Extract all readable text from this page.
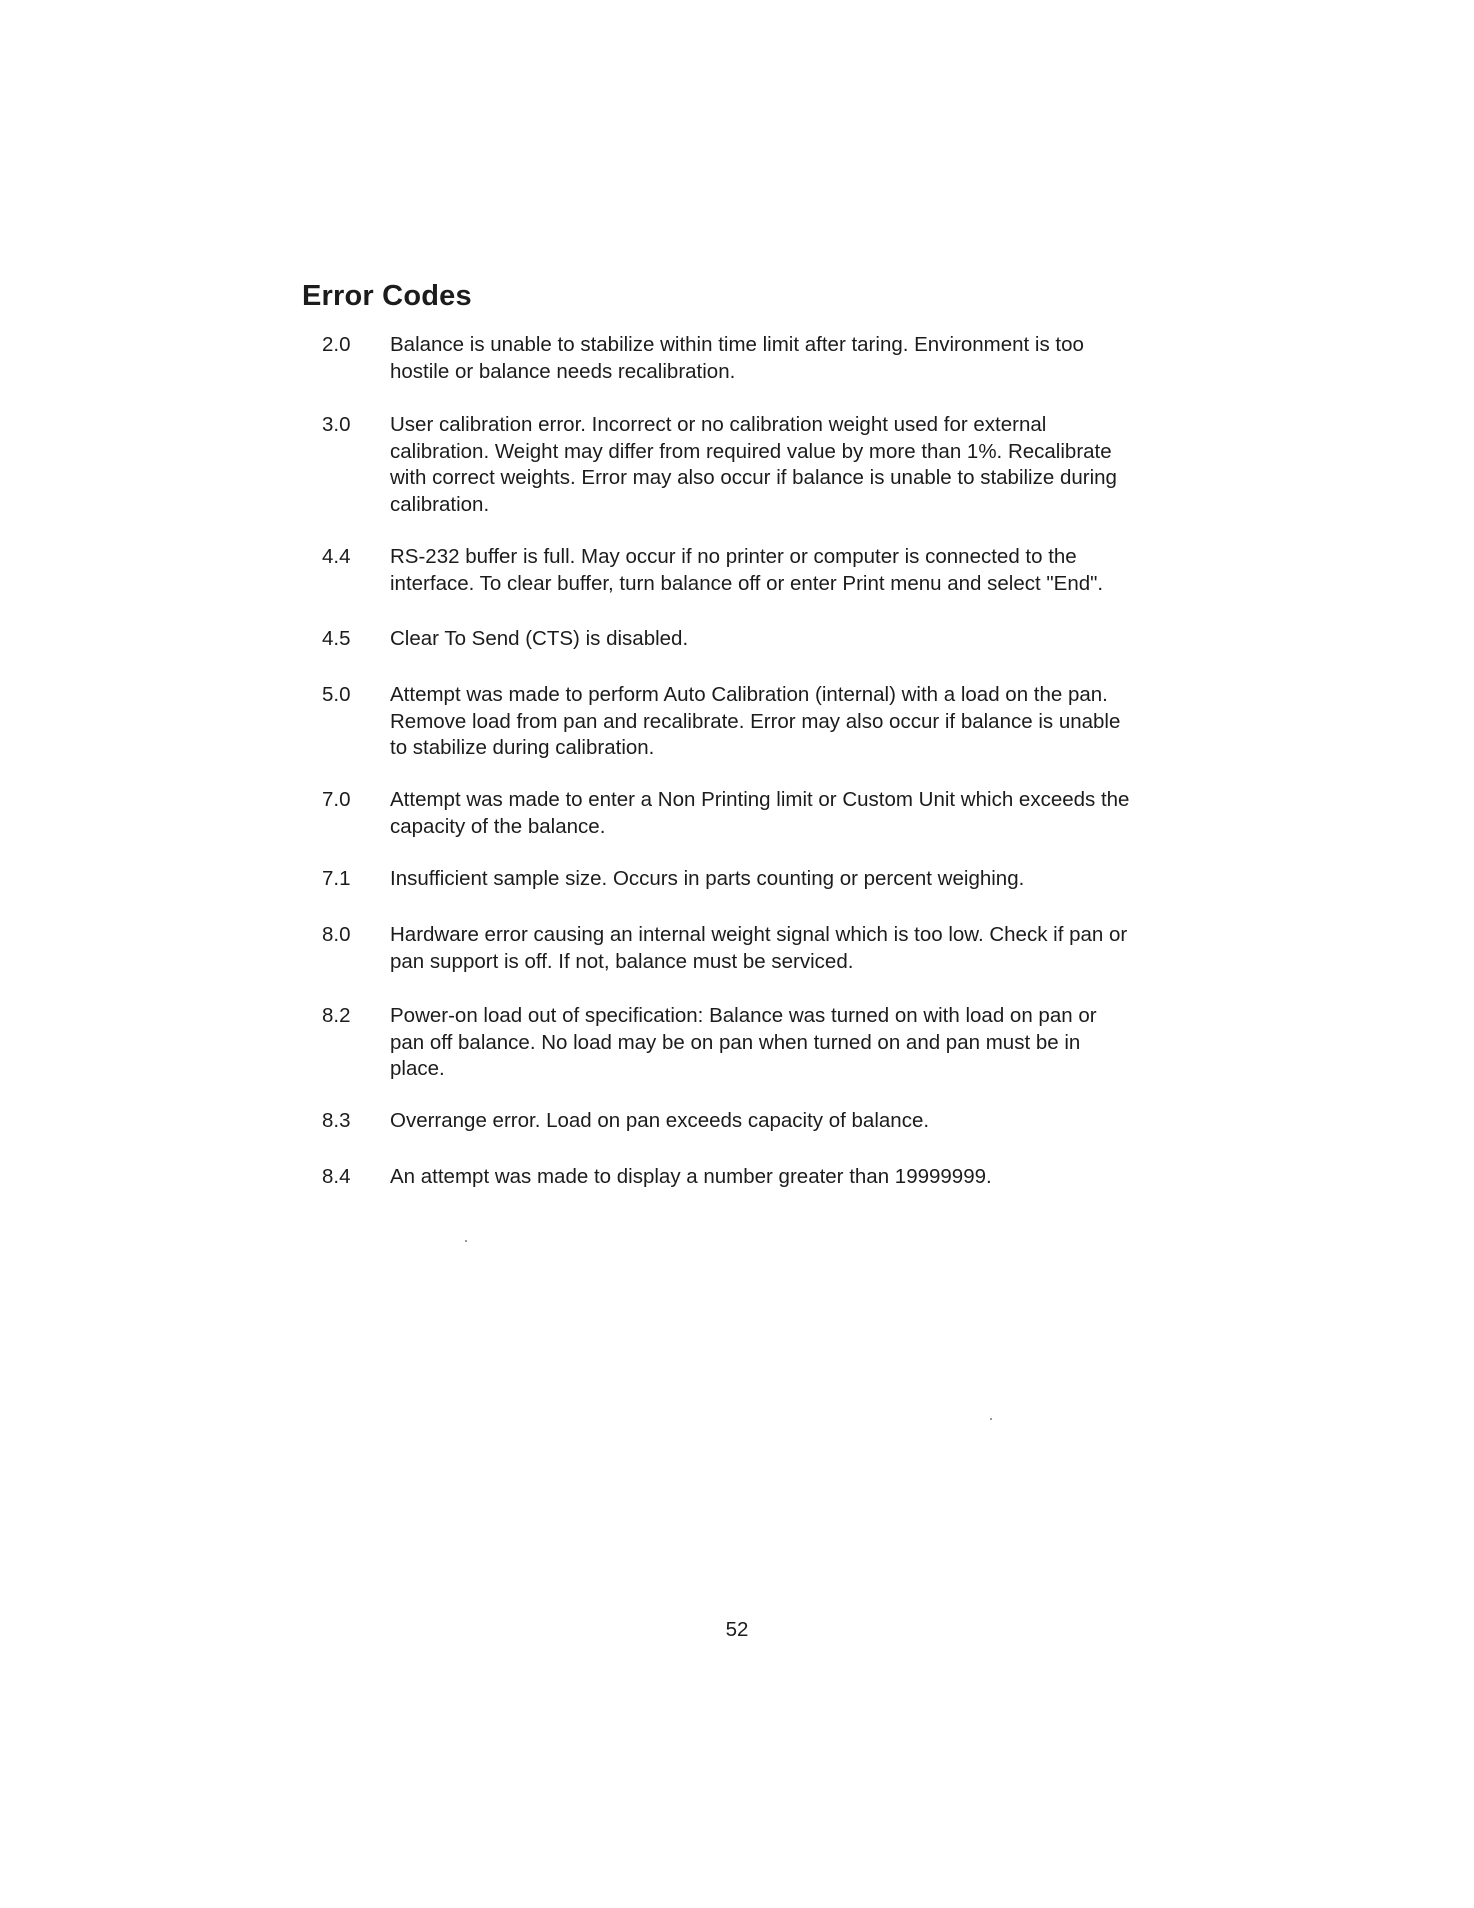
Error Codes
2.0	Balance is unable to stabilize within time limit after taring. Environment is too hostile or balance needs recalibration.
3.0	User calibration error. Incorrect or no calibration weight used for external calibration. Weight may differ from required value by more than 1%. Recalibrate with correct weights. Error may also occur if balance is unable to stabilize during calibration.
4.4	RS-232 buffer is full. May occur if no printer or computer is connected to the interface. To clear buffer, turn balance off or enter Print menu and select "End".
4.5	Clear To Send (CTS) is disabled.
5.0	Attempt was made to perform Auto Calibration (internal) with a load on the pan. Remove load from pan and recalibrate. Error may also occur if balance is unable to stabilize during calibration.
7.0	Attempt was made to enter a Non Printing limit or Custom Unit which exceeds the capacity of the balance.
7.1	Insufficient sample size. Occurs in parts counting or percent weighing.
8.0	Hardware error causing an internal weight signal which is too low. Check if pan or pan support is off. If not, balance must be serviced.
8.2	Power-on load out of specification: Balance was turned on with load on pan or pan off balance. No load may be on pan when turned on and pan must be in place.
8.3	Overrange error. Load on pan exceeds capacity of balance.
8.4	An attempt was made to display a number greater than 19999999.
52
